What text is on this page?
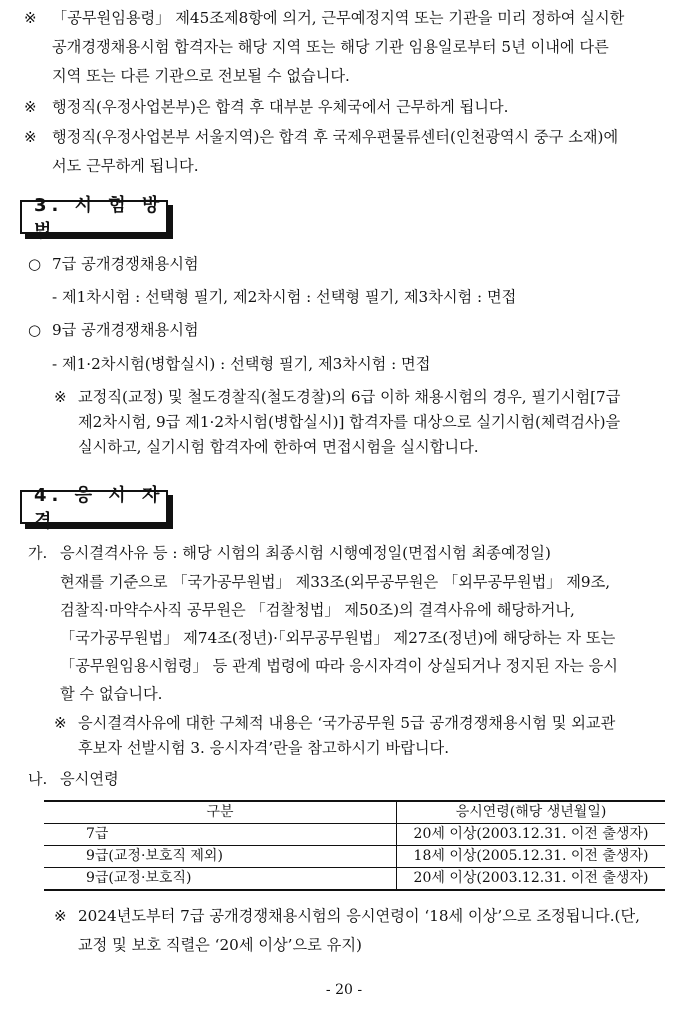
※ 「공무원임용령」 제45조제8항에 의거, 근무예정지역 또는 기관을 미리 정하여 실시한
공개경쟁채용시험 합격자는 해당 지역 또는 해당 기관 임용일로부터 5년 이내에 다른
지역 또는 다른 기관으로 전보될 수 없습니다.
※ 행정직(우정사업본부)은 합격 후 대부분 우체국에서 근무하게 됩니다.
※ 행정직(우정사업본부 서울지역)은 합격 후 국제우편물류센터(인천광역시 중구 소재)에
서도 근무하게 됩니다.
3. 시 험 방 법
○ 7급 공개경쟁채용시험
- 제1차시험 : 선택형 필기, 제2차시험 : 선택형 필기, 제3차시험 : 면접
○ 9급 공개경쟁채용시험
- 제1·2차시험(병합실시) : 선택형 필기, 제3차시험 : 면접
※ 교정직(교정) 및 철도경찰직(철도경찰)의 6급 이하 채용시험의 경우, 필기시험[7급
제2차시험, 9급 제1·2차시험(병합실시)] 합격자를 대상으로 실기시험(체력검사)을
실시하고, 실기시험 합격자에 한하여 면접시험을 실시합니다.
4. 응 시 자 격
가. 응시결격사유 등 : 해당 시험의 최종시험 시행예정일(면접시험 최종예정일)
현재를 기준으로 「국가공무원법」 제33조(외무공무원은 「외무공무원법」 제9조,
검찰직·마약수사직 공무원은 「검찰청법」 제50조)의 결격사유에 해당하거나,
「국가공무원법」 제74조(정년)·「외무공무원법」 제27조(정년)에 해당하는 자 또는
「공무원임용시험령」 등 관계 법령에 따라 응시자격이 상실되거나 정지된 자는 응시
할 수 없습니다.
※ 응시결격사유에 대한 구체적 내용은 ‘국가공무원 5급 공개경쟁채용시험 및 외교관
후보자 선발시험 3. 응시자격’란을 참고하시기 바랍니다.
나. 응시연령
구분	응시연령(해당 생년월일)
7급	20세 이상(2003.12.31. 이전 출생자)
9급(교정·보호직 제외)	18세 이상(2005.12.31. 이전 출생자)
9급(교정·보호직)	20세 이상(2003.12.31. 이전 출생자)
※ 2024년도부터 7급 공개경쟁채용시험의 응시연령이 ‘18세 이상’으로 조정됩니다.(단,
교정 및 보호 직렬은 ‘20세 이상’으로 유지)
- 20 -
